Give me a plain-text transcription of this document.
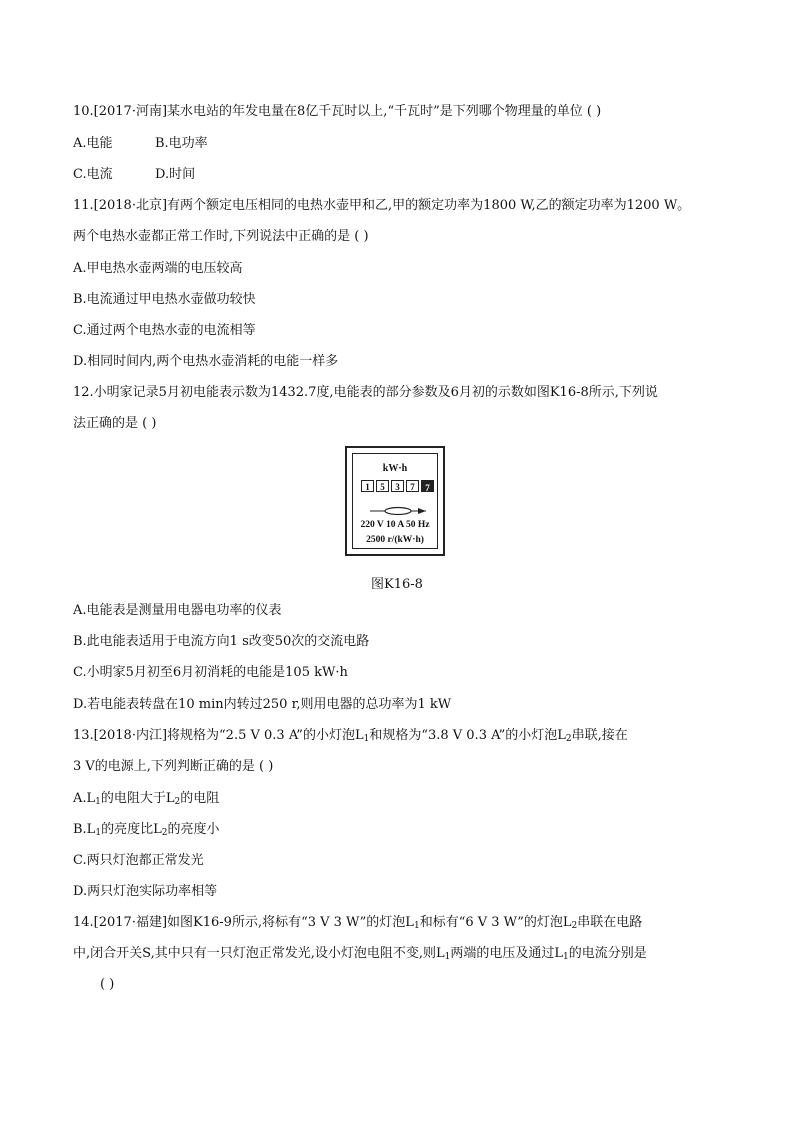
10.[2017·河南]某水电站的年发电量在8亿千瓦时以上,“千瓦时”是下列哪个物理量的单位 ( )
A.电能	B.电功率
C.电流	D.时间
11.[2018·北京]有两个额定电压相同的电热水壶甲和乙,甲的额定功率为1800 W,乙的额定功率为1200 W。
两个电热水壶都正常工作时,下列说法中正确的是 ( )
A.甲电热水壶两端的电压较高
B.电流通过甲电热水壶做功较快
C.通过两个电热水壶的电流相等
D.相同时间内,两个电热水壶消耗的电能一样多
12.小明家记录5月初电能表示数为1432.7度,电能表的部分参数及6月初的示数如图K16-8所示,下列说
法正确的是 ( )
kW·h
1	5	3	7	7
220 V 10 A 50 Hz
2500 r/(kW·h)
图K16-8
A.电能表是测量用电器电功率的仪表
B.此电能表适用于电流方向1 s改变50次的交流电路
C.小明家5月初至6月初消耗的电能是105 kW·h
D.若电能表转盘在10 min内转过250 r,则用电器的总功率为1 kW
13.[2018·内江]将规格为“2.5 V 0.3 A”的小灯泡$L_1$和规格为“3.8 V 0.3 A”的小灯泡$L_2$串联,接在
3 V的电源上,下列判断正确的是 ( )
$A.L_1$的电阻大于$L_2$的电阻
$B.L_1$的亮度比$L_2$的亮度小
C.两只灯泡都正常发光
D.两只灯泡实际功率相等
14.[2017·福建]如图K16-9所示,将标有“3 V 3 W”的灯泡$L_1$和标有“6 V 3 W”的灯泡$L_2$串联在电路
中,闭合开关S,其中只有一只灯泡正常发光,设小灯泡电阻不变,则$L_1$两端的电压及通过$L_1$的电流分别是
( )
